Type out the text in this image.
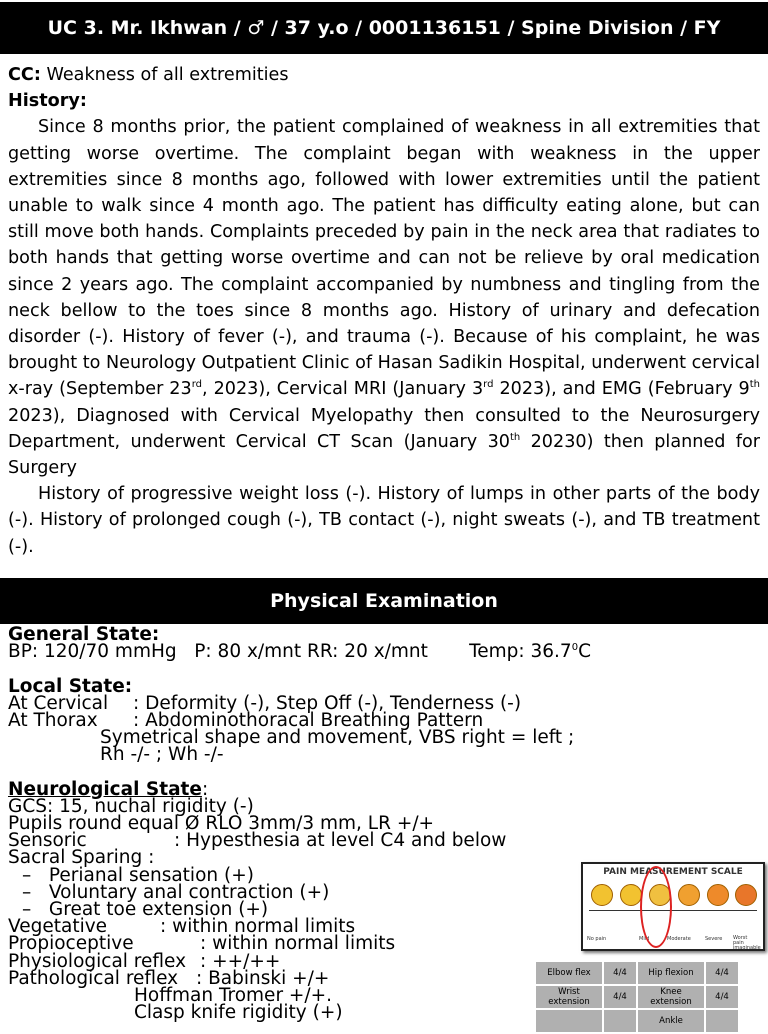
UC 3. Mr. Ikhwan / ♂ / 37 y.o / 0001136151 / Spine Division / FY

CC: Weakness of all extremities

History:

Since 8 months prior, the patient complained of weakness in all extremities that getting worse overtime. The complaint began with weakness in the upper extremities since 8 months ago, followed with lower extremities until the patient unable to walk since 4 month ago. The patient has difficulty eating alone, but can still move both hands. Complaints preceded by pain in the neck area that radiates to both hands that getting worse overtime and can not be relieve by oral medication since 2 years ago. The complaint accompanied by numbness and tingling from the neck bellow to the toes since 8 months ago. History of urinary and defecation disorder (-). History of fever (-), and trauma (-). Because of his complaint, he was brought to Neurology Outpatient Clinic of Hasan Sadikin Hospital, underwent cervical x-ray (September 23rd, 2023), Cervical MRI (January 3rd 2023), and EMG (February 9th 2023), Diagnosed with Cervical Myelopathy then consulted to the Neurosurgery Department, underwent Cervical CT Scan (January 30th 20230) then planned for Surgery

History of progressive weight loss (-). History of lumps in other parts of the body (-). History of prolonged cough (-), TB contact (-), night sweats (-), and TB treatment (-).

Physical Examination
General State:
BP: 120/70 mmHg P: 80 x/mnt RR: 20 x/mnt Temp: 36.7$^0$C
Local State:
At Cervical : Deformity (-), Step Off (-), Tenderness (-)
At Thorax : Abdominothoracal Breathing Pattern
Symetrical shape and movement, VBS right = left ;
Rh -/- ; Wh -/-
Neurological State:
GCS: 15, nuchal rigidity (-)
Pupils round equal Ø RLO 3mm/3 mm, LR +/+
Sensoric	: Hypesthesia at level C4 and below
Sacral Sparing :
–   Perianal sensation (+)
–   Voluntary anal contraction (+)
–   Great toe extension (+)
Vegetative	: within normal limits
Propioceptive	: within normal limits
Physiological reflex : ++/++
Pathological reflex : Babinski +/+
Hoffman Tromer +/+.
Clasp knife rigidity (+)
PAIN MEASUREMENT SCALE
No pain	Mild	Moderate	Severe Worst pain imaginable
Elbow flex	4/4	Hip flexion	4/4
Wrist extension	4/4	Knee extension	4/4
		Ankle	
